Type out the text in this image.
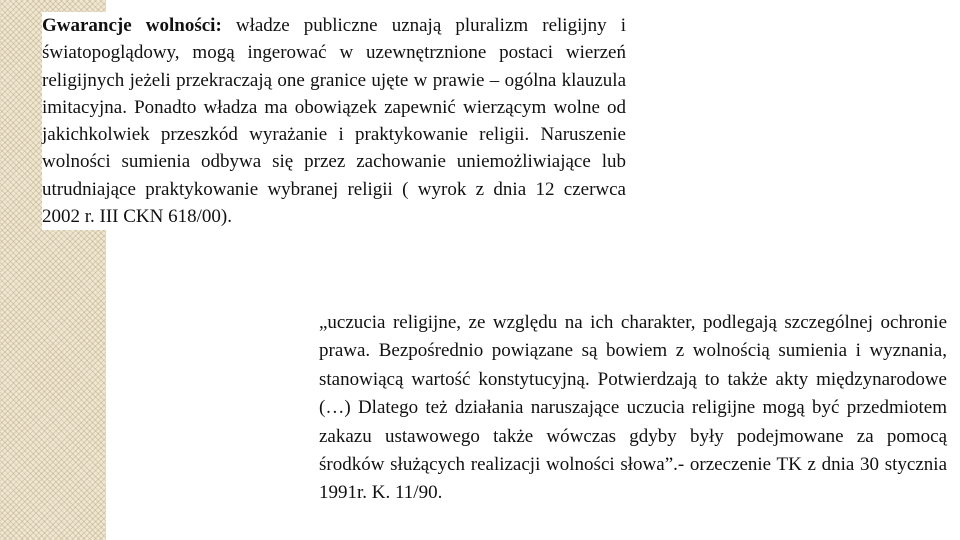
Gwarancje wolności: władze publiczne uznają pluralizm religijny i światopoglądowy, mogą ingerować w uzewnętrznione postaci wierzeń religijnych jeżeli przekraczają one granice ujęte w prawie – ogólna klauzula imitacyjna. Ponadto władza ma obowiązek zapewnić wierzącym wolne od jakichkolwiek przeszkód wyrażanie i praktykowanie religii. Naruszenie wolności sumienia odbywa się przez zachowanie uniemożliwiające lub utrudniające praktykowanie wybranej religii ( wyrok z dnia 12 czerwca 2002 r. III CKN 618/00).
„uczucia religijne, ze względu na ich charakter, podlegają szczególnej ochronie prawa. Bezpośrednio powiązane są bowiem z wolnością sumienia i wyznania, stanowiącą wartość konstytucyjną. Potwierdzają to także akty międzynarodowe (…) Dlatego też działania naruszające uczucia religijne mogą być przedmiotem zakazu ustawowego także wówczas gdyby były podejmowane za pomocą środków służących realizacji wolności słowa”.- orzeczenie TK z dnia 30 stycznia 1991r. K. 11/90.
